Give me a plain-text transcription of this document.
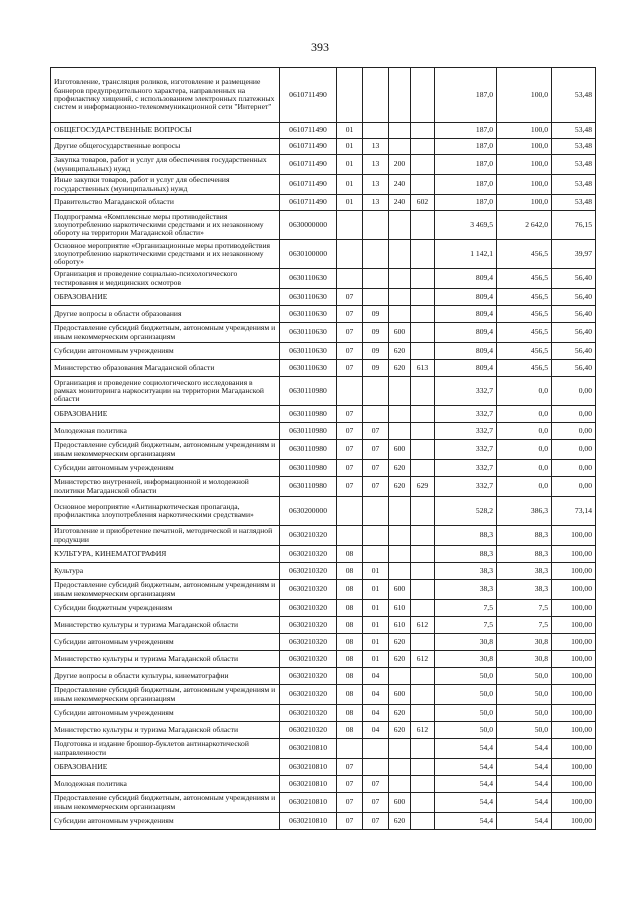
393
Изготовление, трансляция роликов, изготовление и размещение баннеров предупредительного характера, направленных на профилактику хищений, с использованием электронных платежных систем и информационно-телекоммуникационной сети "Интернет"	0610711490					187,0	100,0	53,48
ОБЩЕГОСУДАРСТВЕННЫЕ ВОПРОСЫ	0610711490	01				187,0	100,0	53,48
Другие общегосударственные вопросы	0610711490	01	13			187,0	100,0	53,48
Закупка товаров, работ и услуг для обеспечения государственных (муниципальных) нужд	0610711490	01	13	200		187,0	100,0	53,48
Иные закупки товаров, работ и услуг для обеспечения государственных (муниципальных) нужд	0610711490	01	13	240		187,0	100,0	53,48
Правительство Магаданской области	0610711490	01	13	240	602	187,0	100,0	53,48
Подпрограмма «Комплексные меры противодействия злоупотреблению наркотическими средствами и их незаконному обороту на территории Магаданской области»	0630000000					3 469,5	2 642,0	76,15
Основное мероприятие «Организационные меры противодействия злоупотреблению наркотическими средствами и их незаконному обороту»	0630100000					1 142,1	456,5	39,97
Организация и проведение социально-психологического тестирования и медицинских осмотров	0630110630					809,4	456,5	56,40
ОБРАЗОВАНИЕ	0630110630	07				809,4	456,5	56,40
Другие вопросы в области образования	0630110630	07	09			809,4	456,5	56,40
Предоставление субсидий бюджетным, автономным учреждениям и иным некоммерческим организациям	0630110630	07	09	600		809,4	456,5	56,40
Субсидии автономным учреждениям	0630110630	07	09	620		809,4	456,5	56,40
Министерство образования Магаданской области	0630110630	07	09	620	613	809,4	456,5	56,40
Организация и проведение социологического исследования в рамках мониторинга наркоситуации на территории Магаданской области	0630110980					332,7	0,0	0,00
ОБРАЗОВАНИЕ	0630110980	07				332,7	0,0	0,00
Молодежная политика	0630110980	07	07			332,7	0,0	0,00
Предоставление субсидий бюджетным, автономным учреждениям и иным некоммерческим организациям	0630110980	07	07	600		332,7	0,0	0,00
Субсидии автономным учреждениям	0630110980	07	07	620		332,7	0,0	0,00
Министерство внутренней, информационной и молодежной политики Магаданской области	0630110980	07	07	620	629	332,7	0,0	0,00
Основное мероприятие «Антинаркотическая пропаганда, профилактика злоупотребления наркотическими средствами»	0630200000					528,2	386,3	73,14
Изготовление и приобретение печатной, методической и наглядной продукции	0630210320					88,3	88,3	100,00
КУЛЬТУРА, КИНЕМАТОГРАФИЯ	0630210320	08				88,3	88,3	100,00
Культура	0630210320	08	01			38,3	38,3	100,00
Предоставление субсидий бюджетным, автономным учреждениям и иным некоммерческим организациям	0630210320	08	01	600		38,3	38,3	100,00
Субсидии бюджетным учреждениям	0630210320	08	01	610		7,5	7,5	100,00
Министерство культуры и туризма Магаданской области	0630210320	08	01	610	612	7,5	7,5	100,00
Субсидии автономным учреждениям	0630210320	08	01	620		30,8	30,8	100,00
Министерство культуры и туризма Магаданской области	0630210320	08	01	620	612	30,8	30,8	100,00
Другие вопросы в области культуры, кинематографии	0630210320	08	04			50,0	50,0	100,00
Предоставление субсидий бюджетным, автономным учреждениям и иным некоммерческим организациям	0630210320	08	04	600		50,0	50,0	100,00
Субсидии автономным учреждениям	0630210320	08	04	620		50,0	50,0	100,00
Министерство культуры и туризма Магаданской области	0630210320	08	04	620	612	50,0	50,0	100,00
Подготовка и издание брошюр-буклетов антинаркотической направленности	0630210810					54,4	54,4	100,00
ОБРАЗОВАНИЕ	0630210810	07				54,4	54,4	100,00
Молодежная политика	0630210810	07	07			54,4	54,4	100,00
Предоставление субсидий бюджетным, автономным учреждениям и иным некоммерческим организациям	0630210810	07	07	600		54,4	54,4	100,00
Субсидии автономным учреждениям	0630210810	07	07	620		54,4	54,4	100,00
